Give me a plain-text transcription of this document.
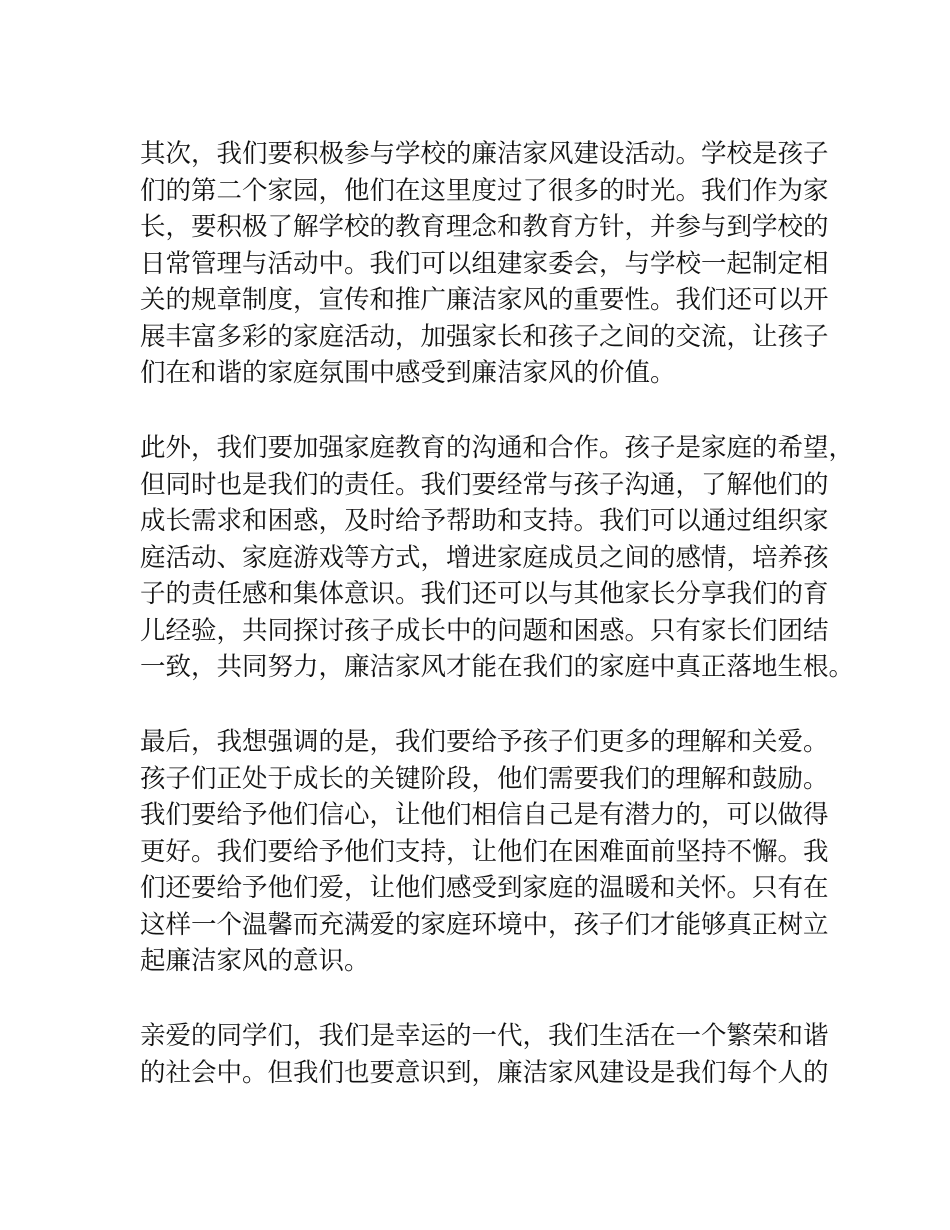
其次，我们要积极参与学校的廉洁家风建设活动。学校是孩子
们的第二个家园，他们在这里度过了很多的时光。我们作为家
长，要积极了解学校的教育理念和教育方针，并参与到学校的
日常管理与活动中。我们可以组建家委会，与学校一起制定相
关的规章制度，宣传和推广廉洁家风的重要性。我们还可以开
展丰富多彩的家庭活动，加强家长和孩子之间的交流，让孩子
们在和谐的家庭氛围中感受到廉洁家风的价值。
此外，我们要加强家庭教育的沟通和合作。孩子是家庭的希望，
但同时也是我们的责任。我们要经常与孩子沟通，了解他们的
成长需求和困惑，及时给予帮助和支持。我们可以通过组织家
庭活动、家庭游戏等方式，增进家庭成员之间的感情，培养孩
子的责任感和集体意识。我们还可以与其他家长分享我们的育
儿经验，共同探讨孩子成长中的问题和困惑。只有家长们团结
一致，共同努力，廉洁家风才能在我们的家庭中真正落地生根。
最后，我想强调的是，我们要给予孩子们更多的理解和关爱。
孩子们正处于成长的关键阶段，他们需要我们的理解和鼓励。
我们要给予他们信心，让他们相信自己是有潜力的，可以做得
更好。我们要给予他们支持，让他们在困难面前坚持不懈。我
们还要给予他们爱，让他们感受到家庭的温暖和关怀。只有在
这样一个温馨而充满爱的家庭环境中，孩子们才能够真正树立
起廉洁家风的意识。
亲爱的同学们，我们是幸运的一代，我们生活在一个繁荣和谐
的社会中。但我们也要意识到，廉洁家风建设是我们每个人的
